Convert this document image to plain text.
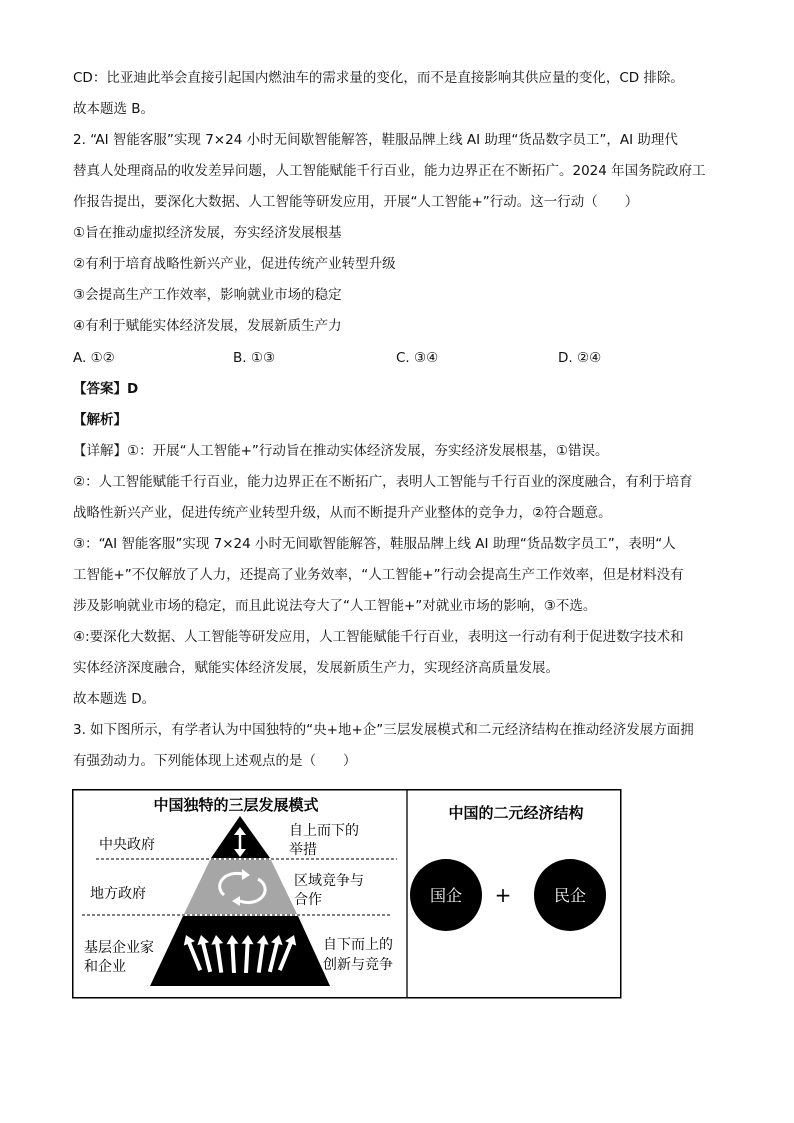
CD：比亚迪此举会直接引起国内燃油车的需求量的变化，而不是直接影响其供应量的变化，CD 排除。
故本题选 B。
2. “AI 智能客服”实现 7×24 小时无间歇智能解答，鞋服品牌上线 AI 助理“货品数字员工”，AI 助理代
替真人处理商品的收发差异问题，人工智能赋能千行百业，能力边界正在不断拓广。2024 年国务院政府工
作报告提出，要深化大数据、人工智能等研发应用，开展“人工智能+”行动。这一行动（　　）
①旨在推动虚拟经济发展，夯实经济发展根基
②有利于培育战略性新兴产业，促进传统产业转型升级
③会提高生产工作效率，影响就业市场的稳定
④有利于赋能实体经济发展，发展新质生产力
A. ①②	B. ①③	C. ③④	D. ②④
【答案】D
【解析】
【详解】①：开展“人工智能+”行动旨在推动实体经济发展，夯实经济发展根基，①错误。
②：人工智能赋能千行百业，能力边界正在不断拓广，表明人工智能与千行百业的深度融合，有利于培育
战略性新兴产业，促进传统产业转型升级，从而不断提升产业整体的竞争力，②符合题意。
③：“AI 智能客服”实现 7×24 小时无间歇智能解答，鞋服品牌上线 AI 助理“货品数字员工”，表明“人
工智能+”不仅解放了人力，还提高了业务效率，“人工智能+”行动会提高生产工作效率，但是材料没有
涉及影响就业市场的稳定，而且此说法夸大了“人工智能+”对就业市场的影响，③不选。
④:要深化大数据、人工智能等研发应用，人工智能赋能千行百业，表明这一行动有利于促进数字技术和
实体经济深度融合，赋能实体经济发展，发展新质生产力，实现经济高质量发展。
故本题选 D。
3. 如下图所示，有学者认为中国独特的“央+地+企”三层发展模式和二元经济结构在推动经济发展方面拥
有强劲动力。下列能体现上述观点的是（　　）
中国独特的三层发展模式	中国的二元经济结构
中央政府
地方政府
基层企业家
和企业
自上而下的
举措
区域竞争与
合作
自下而上的
创新与竞争
国企 +	民企
